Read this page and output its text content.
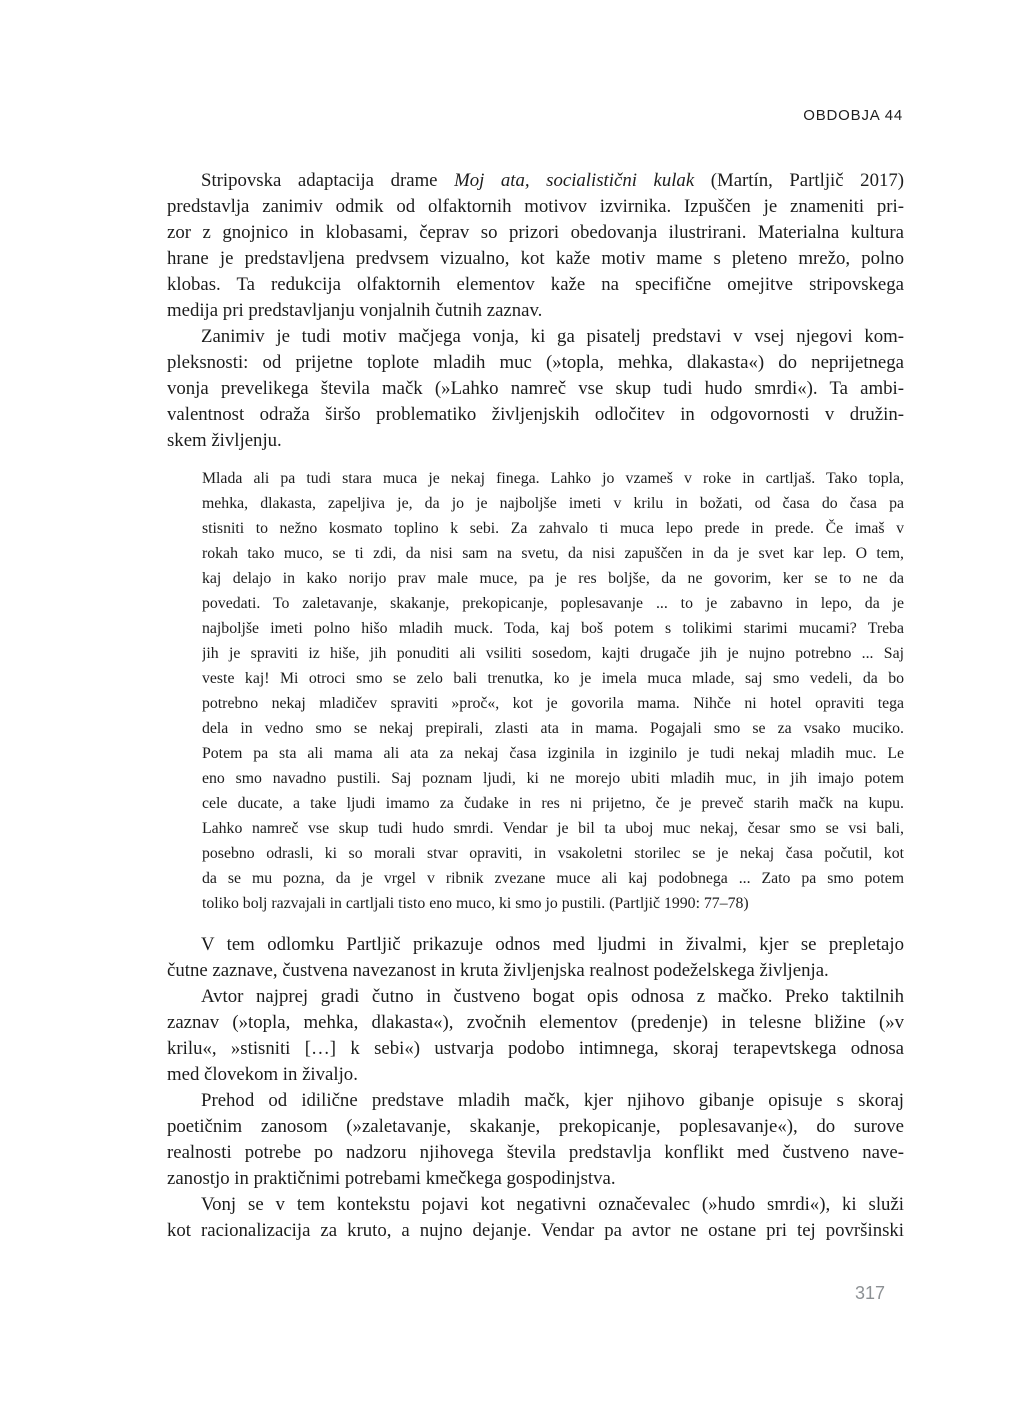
OBDOBJA 44
Stripovska adaptacija drame Moj ata, socialistični kulak (Martín, Partljič 2017)
predstavlja zanimiv odmik od olfaktornih motivov izvirnika. Izpuščen je znameniti pri-
zor z gnojnico in klobasami, čeprav so prizori obedovanja ilustrirani. Materialna kultura
hrane je predstavljena predvsem vizualno, kot kaže motiv mame s pleteno mrežo, polno
klobas. Ta redukcija olfaktornih elementov kaže na specifične omejitve stripovskega
medija pri predstavljanju vonjalnih čutnih zaznav.
Zanimiv je tudi motiv mačjega vonja, ki ga pisatelj predstavi v vsej njegovi kom-
pleksnosti: od prijetne toplote mladih muc (»topla, mehka, dlakasta«) do neprijetnega
vonja prevelikega števila mačk (»Lahko namreč vse skup tudi hudo smrdi«). Ta ambi-
valentnost odraža širšo problematiko življenjskih odločitev in odgovornosti v družin-
skem življenju.
Mlada ali pa tudi stara muca je nekaj finega. Lahko jo vzameš v roke in cartljaš. Tako topla,
mehka, dlakasta, zapeljiva je, da jo je najboljše imeti v krilu in božati, od časa do časa pa
stisniti to nežno kosmato toplino k sebi. Za zahvalo ti muca lepo prede in prede. Če imaš v
rokah tako muco, se ti zdi, da nisi sam na svetu, da nisi zapuščen in da je svet kar lep. O tem,
kaj delajo in kako norijo prav male muce, pa je res boljše, da ne govorim, ker se to ne da
povedati. To zaletavanje, skakanje, prekopicanje, poplesavanje ... to je zabavno in lepo, da je
najboljše imeti polno hišo mladih muck. Toda, kaj boš potem s tolikimi starimi mucami? Treba
jih je spraviti iz hiše, jih ponuditi ali vsiliti sosedom, kajti drugače jih je nujno potrebno ... Saj
veste kaj! Mi otroci smo se zelo bali trenutka, ko je imela muca mlade, saj smo vedeli, da bo
potrebno nekaj mladičev spraviti »proč«, kot je govorila mama. Nihče ni hotel opraviti tega
dela in vedno smo se nekaj prepirali, zlasti ata in mama. Pogajali smo se za vsako muciko.
Potem pa sta ali mama ali ata za nekaj časa izginila in izginilo je tudi nekaj mladih muc. Le
eno smo navadno pustili. Saj poznam ljudi, ki ne morejo ubiti mladih muc, in jih imajo potem
cele ducate, a take ljudi imamo za čudake in res ni prijetno, če je preveč starih mačk na kupu.
Lahko namreč vse skup tudi hudo smrdi. Vendar je bil ta uboj muc nekaj, česar smo se vsi bali,
posebno odrasli, ki so morali stvar opraviti, in vsakoletni storilec se je nekaj časa počutil, kot
da se mu pozna, da je vrgel v ribnik zvezane muce ali kaj podobnega ... Zato pa smo potem
toliko bolj razvajali in cartljali tisto eno muco, ki smo jo pustili. (Partljič 1990: 77–78)
V tem odlomku Partljič prikazuje odnos med ljudmi in živalmi, kjer se prepletajo
čutne zaznave, čustvena navezanost in kruta življenjska realnost podeželskega življenja.
Avtor najprej gradi čutno in čustveno bogat opis odnosa z mačko. Preko taktilnih
zaznav (»topla, mehka, dlakasta«), zvočnih elementov (predenje) in telesne bližine (»v
krilu«, »stisniti […] k sebi«) ustvarja podobo intimnega, skoraj terapevtskega odnosa
med človekom in živaljo.
Prehod od idilične predstave mladih mačk, kjer njihovo gibanje opisuje s skoraj
poetičnim zanosom (»zaletavanje, skakanje, prekopicanje, poplesavanje«), do surove
realnosti potrebe po nadzoru njihovega števila predstavlja konflikt med čustveno nave-
zanostjo in praktičnimi potrebami kmečkega gospodinjstva.
Vonj se v tem kontekstu pojavi kot negativni označevalec (»hudo smrdi«), ki služi
kot racionalizacija za kruto, a nujno dejanje. Vendar pa avtor ne ostane pri tej površinski
317
